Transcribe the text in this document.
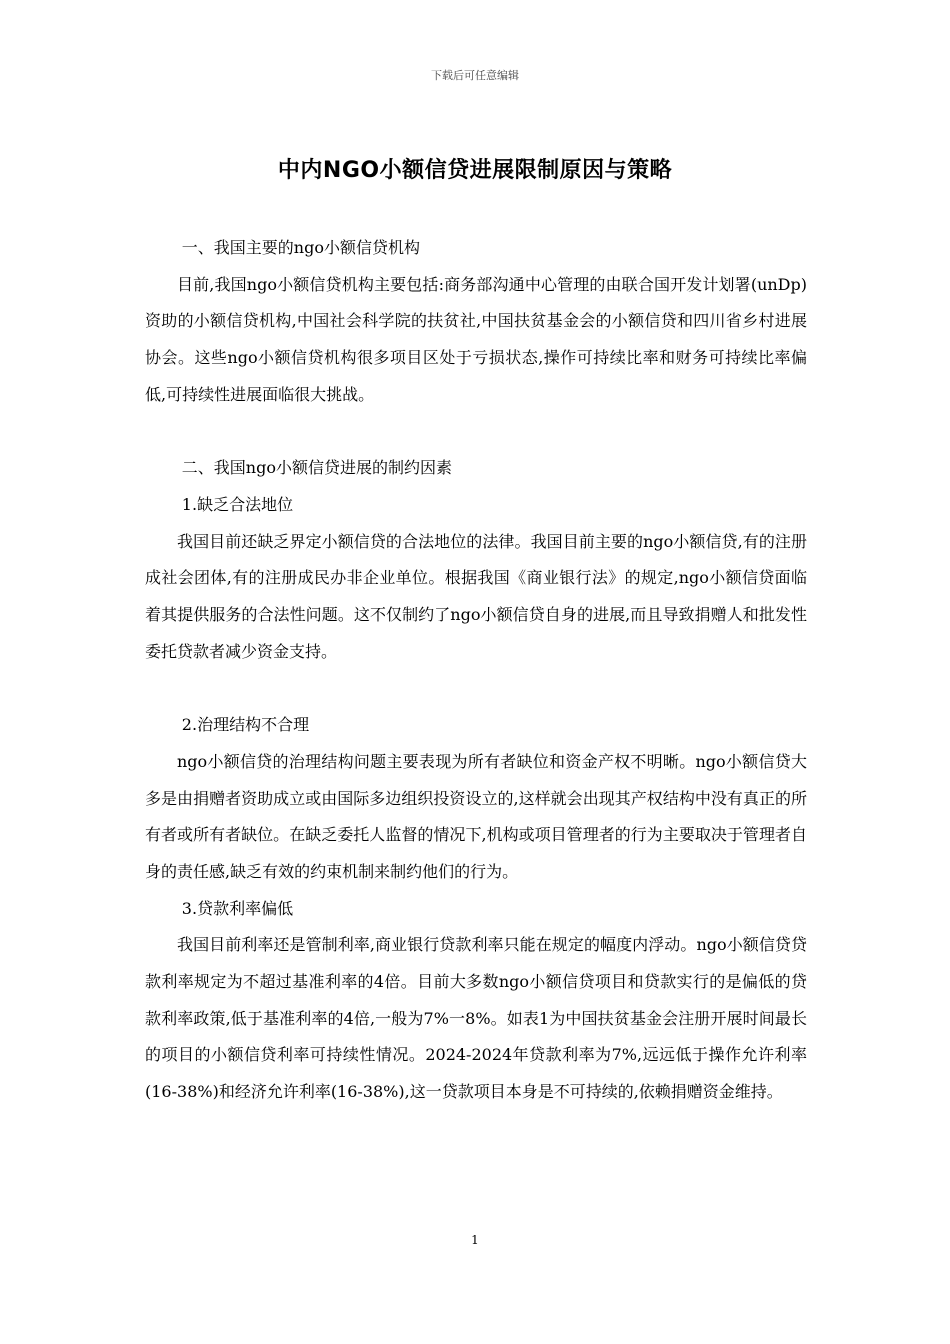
下载后可任意编辑
中内NGO小额信贷进展限制原因与策略

一、我国主要的ngo小额信贷机构

目前,我国ngo小额信贷机构主要包括:商务部沟通中心管理的由联合国开发计划署(unDp)资助的小额信贷机构,中国社会科学院的扶贫社,中国扶贫基金会的小额信贷和四川省乡村进展协会。这些ngo小额信贷机构很多项目区处于亏损状态,操作可持续比率和财务可持续比率偏低,可持续性进展面临很大挑战。

二、我国ngo小额信贷进展的制约因素

1.缺乏合法地位

我国目前还缺乏界定小额信贷的合法地位的法律。我国目前主要的ngo小额信贷,有的注册成社会团体,有的注册成民办非企业单位。根据我国《商业银行法》的规定,ngo小额信贷面临着其提供服务的合法性问题。这不仅制约了ngo小额信贷自身的进展,而且导致捐赠人和批发性委托贷款者减少资金支持。

2.治理结构不合理

ngo小额信贷的治理结构问题主要表现为所有者缺位和资金产权不明晰。ngo小额信贷大多是由捐赠者资助成立或由国际多边组织投资设立的,这样就会出现其产权结构中没有真正的所有者或所有者缺位。在缺乏委托人监督的情况下,机构或项目管理者的行为主要取决于管理者自身的责任感,缺乏有效的约束机制来制约他们的行为。

3.贷款利率偏低

我国目前利率还是管制利率,商业银行贷款利率只能在规定的幅度内浮动。ngo小额信贷贷款利率规定为不超过基准利率的4倍。目前大多数ngo小额信贷项目和贷款实行的是偏低的贷款利率政策,低于基准利率的4倍,一般为7%一8%。如表1为中国扶贫基金会注册开展时间最长的项目的小额信贷利率可持续性情况。2024-2024年贷款利率为7%,远远低于操作允许利率(16-38%)和经济允许利率(16-38%),这一贷款项目本身是不可持续的,依赖捐赠资金维持。

1
